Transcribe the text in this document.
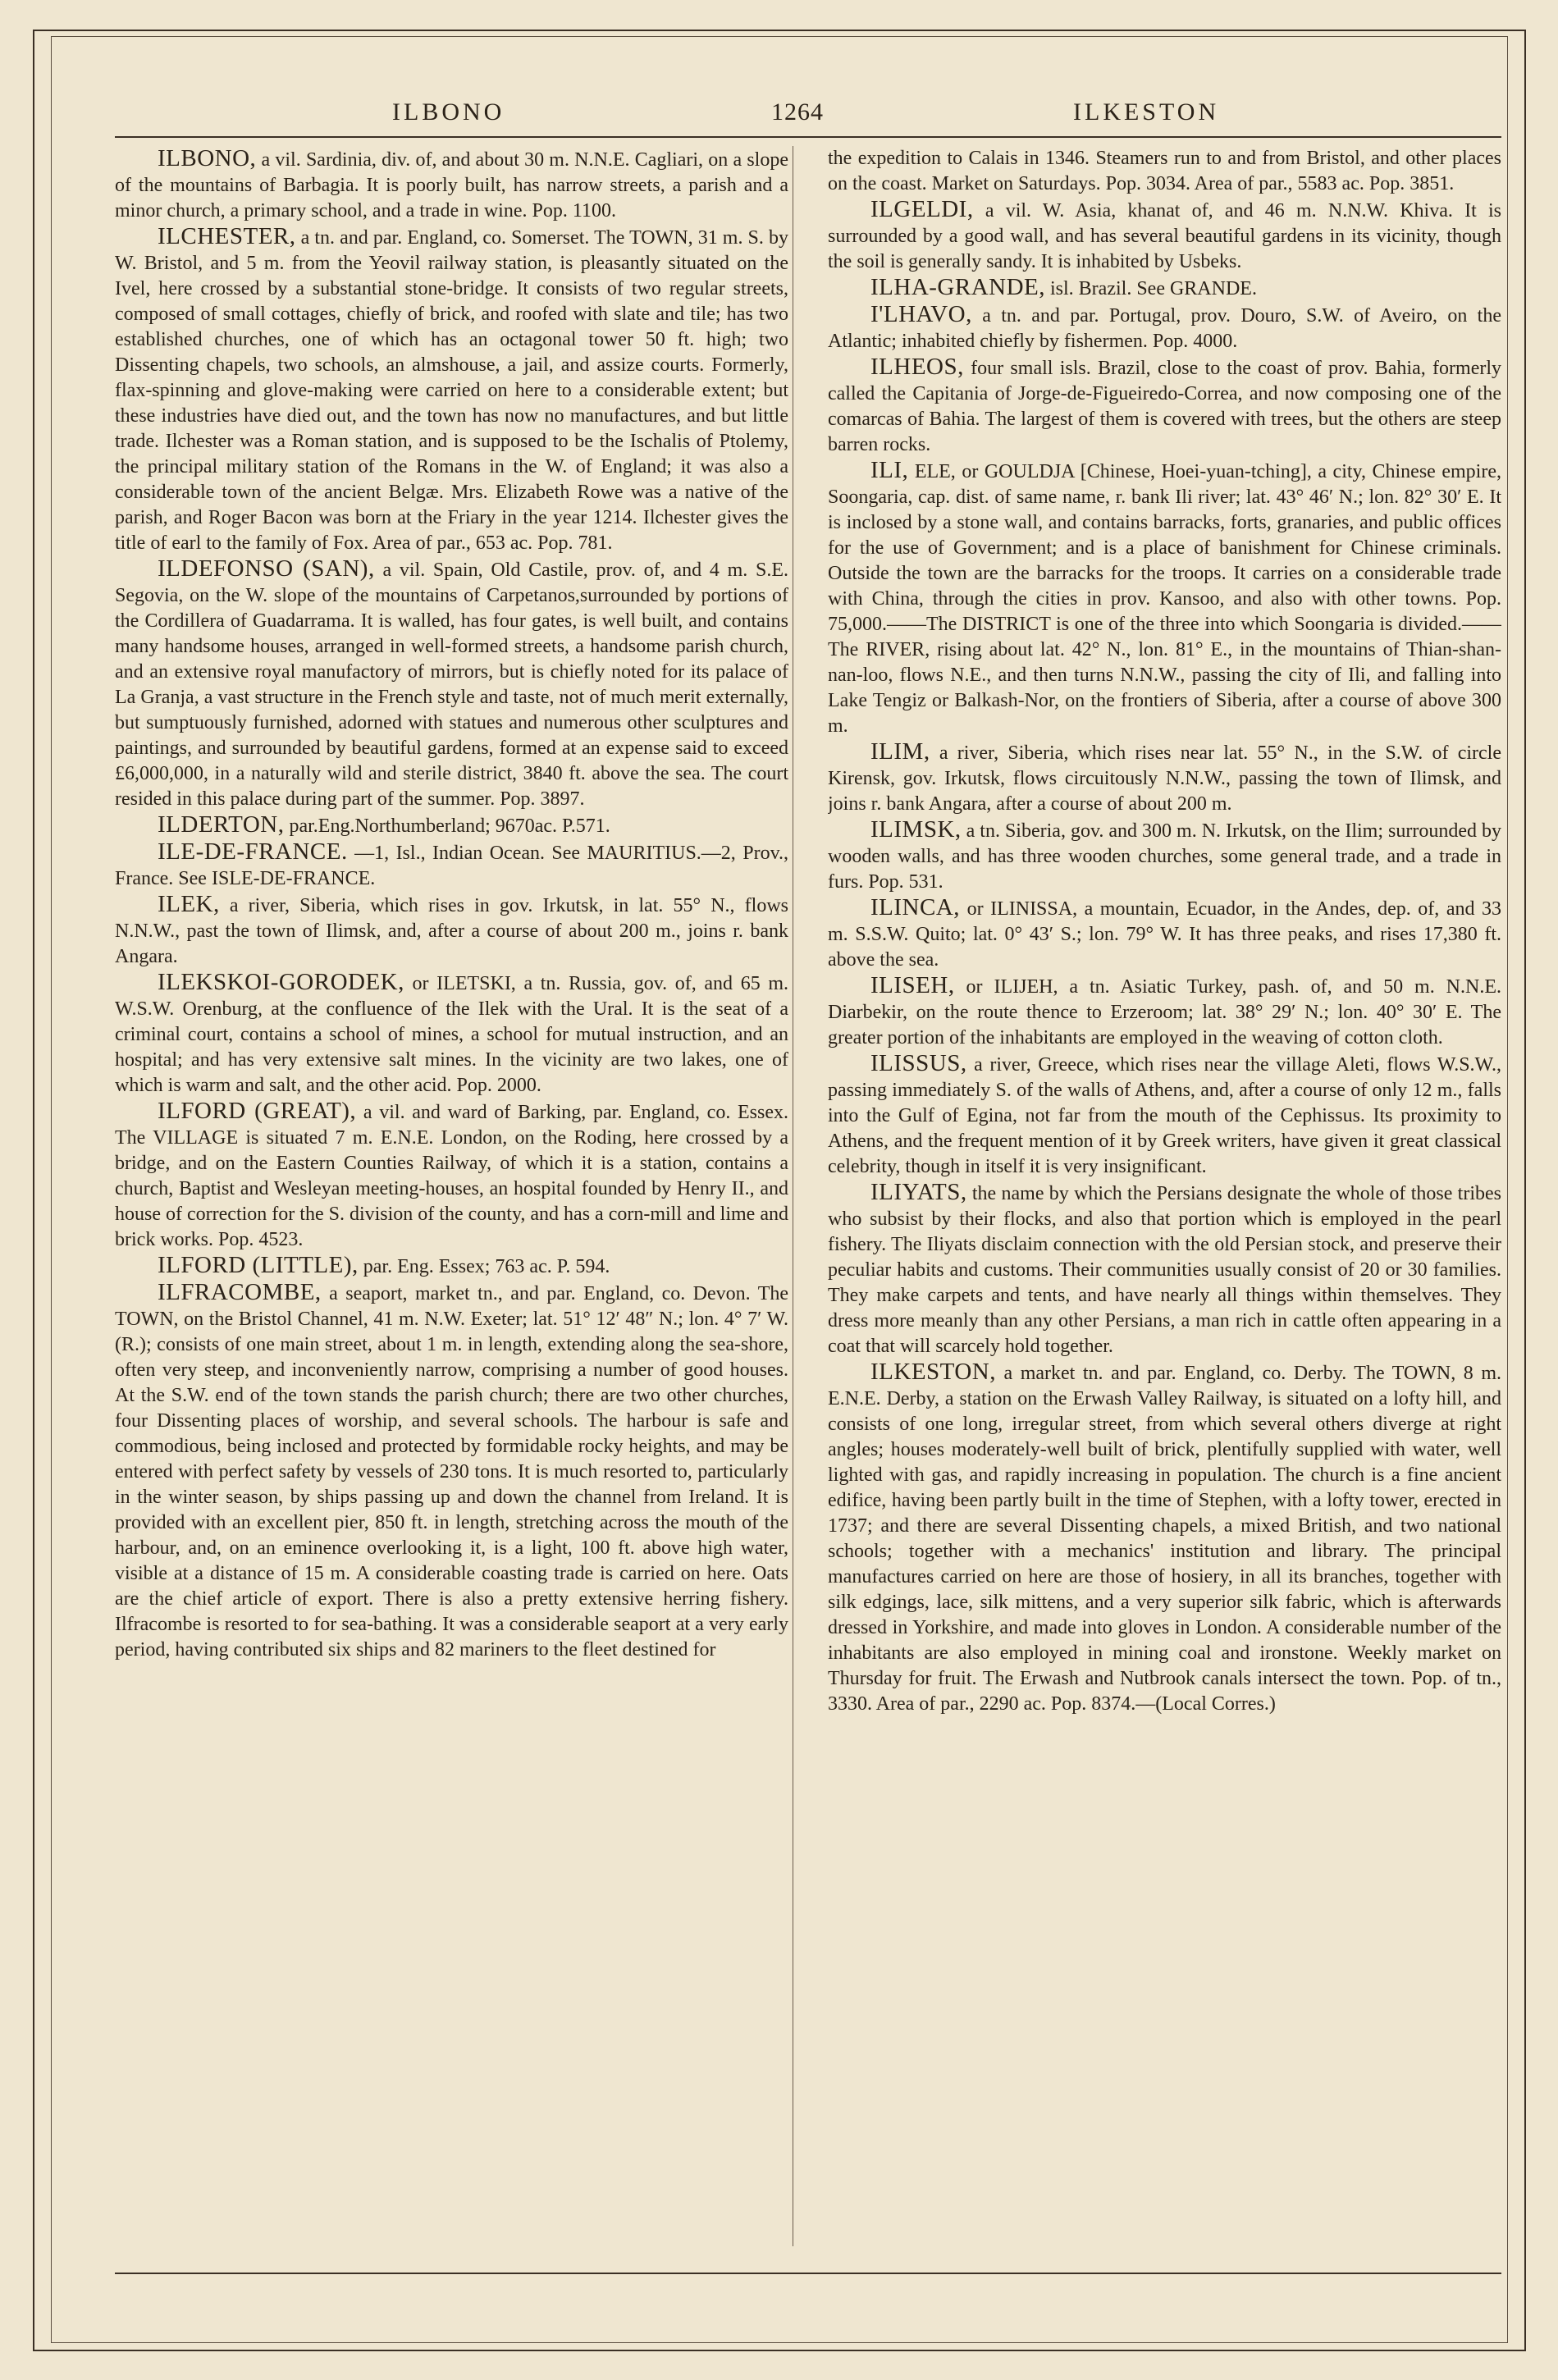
ILBONO	1264	ILKESTON

ILBONO, a vil. Sardinia, div. of, and about 30 m. N.N.E. Cagliari, on a slope of the mountains of Barbagia. It is poorly built, has narrow streets, a parish and a minor church, a primary school, and a trade in wine. Pop. 1100.

ILCHESTER, a tn. and par. England, co. Somerset. The TOWN, 31 m. S. by W. Bristol, and 5 m. from the Yeovil railway station, is pleasantly situated on the Ivel, here crossed by a substantial stone-bridge. It consists of two regular streets, composed of small cottages, chiefly of brick, and roofed with slate and tile; has two established churches, one of which has an octagonal tower 50 ft. high; two Dissenting chapels, two schools, an almshouse, a jail, and assize courts. Formerly, flax-spinning and glove-making were carried on here to a considerable extent; but these industries have died out, and the town has now no manufactures, and but little trade. Ilchester was a Roman station, and is supposed to be the Ischalis of Ptolemy, the principal military station of the Romans in the W. of England; it was also a considerable town of the ancient Belgæ. Mrs. Elizabeth Rowe was a native of the parish, and Roger Bacon was born at the Friary in the year 1214. Ilchester gives the title of earl to the family of Fox. Area of par., 653 ac. Pop. 781.

ILDEFONSO (SAN), a vil. Spain, Old Castile, prov. of, and 4 m. S.E. Segovia, on the W. slope of the mountains of Carpetanos,surrounded by portions of the Cordillera of Guadarrama. It is walled, has four gates, is well built, and contains many handsome houses, arranged in well-formed streets, a handsome parish church, and an extensive royal manufactory of mirrors, but is chiefly noted for its palace of La Granja, a vast structure in the French style and taste, not of much merit externally, but sumptuously furnished, adorned with statues and numerous other sculptures and paintings, and surrounded by beautiful gardens, formed at an expense said to exceed £6,000,000, in a naturally wild and sterile district, 3840 ft. above the sea. The court resided in this palace during part of the summer. Pop. 3897.

ILDERTON, par.Eng.Northumberland; 9670ac. P.571.

ILE-DE-FRANCE. —1, Isl., Indian Ocean. See MAURITIUS.—2, Prov., France. See ISLE-DE-FRANCE.

ILEK, a river, Siberia, which rises in gov. Irkutsk, in lat. 55° N., flows N.N.W., past the town of Ilimsk, and, after a course of about 200 m., joins r. bank Angara.

ILEKSKOI-GORODEK, or ILETSKI, a tn. Russia, gov. of, and 65 m. W.S.W. Orenburg, at the confluence of the Ilek with the Ural. It is the seat of a criminal court, contains a school of mines, a school for mutual instruction, and an hospital; and has very extensive salt mines. In the vicinity are two lakes, one of which is warm and salt, and the other acid. Pop. 2000.

ILFORD (GREAT), a vil. and ward of Barking, par. England, co. Essex. The VILLAGE is situated 7 m. E.N.E. London, on the Roding, here crossed by a bridge, and on the Eastern Counties Railway, of which it is a station, contains a church, Baptist and Wesleyan meeting-houses, an hospital founded by Henry II., and house of correction for the S. division of the county, and has a corn-mill and lime and brick works. Pop. 4523.

ILFORD (LITTLE), par. Eng. Essex; 763 ac. P. 594.

ILFRACOMBE, a seaport, market tn., and par. England, co. Devon. The TOWN, on the Bristol Channel, 41 m. N.W. Exeter; lat. 51° 12′ 48″ N.; lon. 4° 7′ W. (R.); consists of one main street, about 1 m. in length, extending along the sea-shore, often very steep, and inconveniently narrow, comprising a number of good houses. At the S.W. end of the town stands the parish church; there are two other churches, four Dissenting places of worship, and several schools. The harbour is safe and commodious, being inclosed and protected by formidable rocky heights, and may be entered with perfect safety by vessels of 230 tons. It is much resorted to, particularly in the winter season, by ships passing up and down the channel from Ireland. It is provided with an excellent pier, 850 ft. in length, stretching across the mouth of the harbour, and, on an eminence overlooking it, is a light, 100 ft. above high water, visible at a distance of 15 m. A considerable coasting trade is carried on here. Oats are the chief article of export. There is also a pretty extensive herring fishery. Ilfracombe is resorted to for sea-bathing. It was a considerable seaport at a very early period, having contributed six ships and 82 mariners to the fleet destined for

the expedition to Calais in 1346. Steamers run to and from Bristol, and other places on the coast. Market on Saturdays. Pop. 3034. Area of par., 5583 ac. Pop. 3851.

ILGELDI, a vil. W. Asia, khanat of, and 46 m. N.N.W. Khiva. It is surrounded by a good wall, and has several beautiful gardens in its vicinity, though the soil is generally sandy. It is inhabited by Usbeks.

ILHA-GRANDE, isl. Brazil. See GRANDE.

I'LHAVO, a tn. and par. Portugal, prov. Douro, S.W. of Aveiro, on the Atlantic; inhabited chiefly by fishermen. Pop. 4000.

ILHEOS, four small isls. Brazil, close to the coast of prov. Bahia, formerly called the Capitania of Jorge-de-Figueiredo-Correa, and now composing one of the comarcas of Bahia. The largest of them is covered with trees, but the others are steep barren rocks.

ILI, ELE, or GOULDJA [Chinese, Hoei-yuan-tching], a city, Chinese empire, Soongaria, cap. dist. of same name, r. bank Ili river; lat. 43° 46′ N.; lon. 82° 30′ E. It is inclosed by a stone wall, and contains barracks, forts, granaries, and public offices for the use of Government; and is a place of banishment for Chinese criminals. Outside the town are the barracks for the troops. It carries on a considerable trade with China, through the cities in prov. Kansoo, and also with other towns. Pop. 75,000.——The DISTRICT is one of the three into which Soongaria is divided.——The RIVER, rising about lat. 42° N., lon. 81° E., in the mountains of Thian-shan-nan-loo, flows N.E., and then turns N.N.W., passing the city of Ili, and falling into Lake Tengiz or Balkash-Nor, on the frontiers of Siberia, after a course of above 300 m.

ILIM, a river, Siberia, which rises near lat. 55° N., in the S.W. of circle Kirensk, gov. Irkutsk, flows circuitously N.N.W., passing the town of Ilimsk, and joins r. bank Angara, after a course of about 200 m.

ILIMSK, a tn. Siberia, gov. and 300 m. N. Irkutsk, on the Ilim; surrounded by wooden walls, and has three wooden churches, some general trade, and a trade in furs. Pop. 531.

ILINCA, or ILINISSA, a mountain, Ecuador, in the Andes, dep. of, and 33 m. S.S.W. Quito; lat. 0° 43′ S.; lon. 79° W. It has three peaks, and rises 17,380 ft. above the sea.

ILISEH, or ILIJEH, a tn. Asiatic Turkey, pash. of, and 50 m. N.N.E. Diarbekir, on the route thence to Erzeroom; lat. 38° 29′ N.; lon. 40° 30′ E. The greater portion of the inhabitants are employed in the weaving of cotton cloth.

ILISSUS, a river, Greece, which rises near the village Aleti, flows W.S.W., passing immediately S. of the walls of Athens, and, after a course of only 12 m., falls into the Gulf of Egina, not far from the mouth of the Cephissus. Its proximity to Athens, and the frequent mention of it by Greek writers, have given it great classical celebrity, though in itself it is very insignificant.

ILIYATS, the name by which the Persians designate the whole of those tribes who subsist by their flocks, and also that portion which is employed in the pearl fishery. The Iliyats disclaim connection with the old Persian stock, and preserve their peculiar habits and customs. Their communities usually consist of 20 or 30 families. They make carpets and tents, and have nearly all things within themselves. They dress more meanly than any other Persians, a man rich in cattle often appearing in a coat that will scarcely hold together.

ILKESTON, a market tn. and par. England, co. Derby. The TOWN, 8 m. E.N.E. Derby, a station on the Erwash Valley Railway, is situated on a lofty hill, and consists of one long, irregular street, from which several others diverge at right angles; houses moderately-well built of brick, plentifully supplied with water, well lighted with gas, and rapidly increasing in population. The church is a fine ancient edifice, having been partly built in the time of Stephen, with a lofty tower, erected in 1737; and there are several Dissenting chapels, a mixed British, and two national schools; together with a mechanics' institution and library. The principal manufactures carried on here are those of hosiery, in all its branches, together with silk edgings, lace, silk mittens, and a very superior silk fabric, which is afterwards dressed in Yorkshire, and made into gloves in London. A considerable number of the inhabitants are also employed in mining coal and ironstone. Weekly market on Thursday for fruit. The Erwash and Nutbrook canals intersect the town. Pop. of tn., 3330. Area of par., 2290 ac. Pop. 8374.—(Local Corres.)
